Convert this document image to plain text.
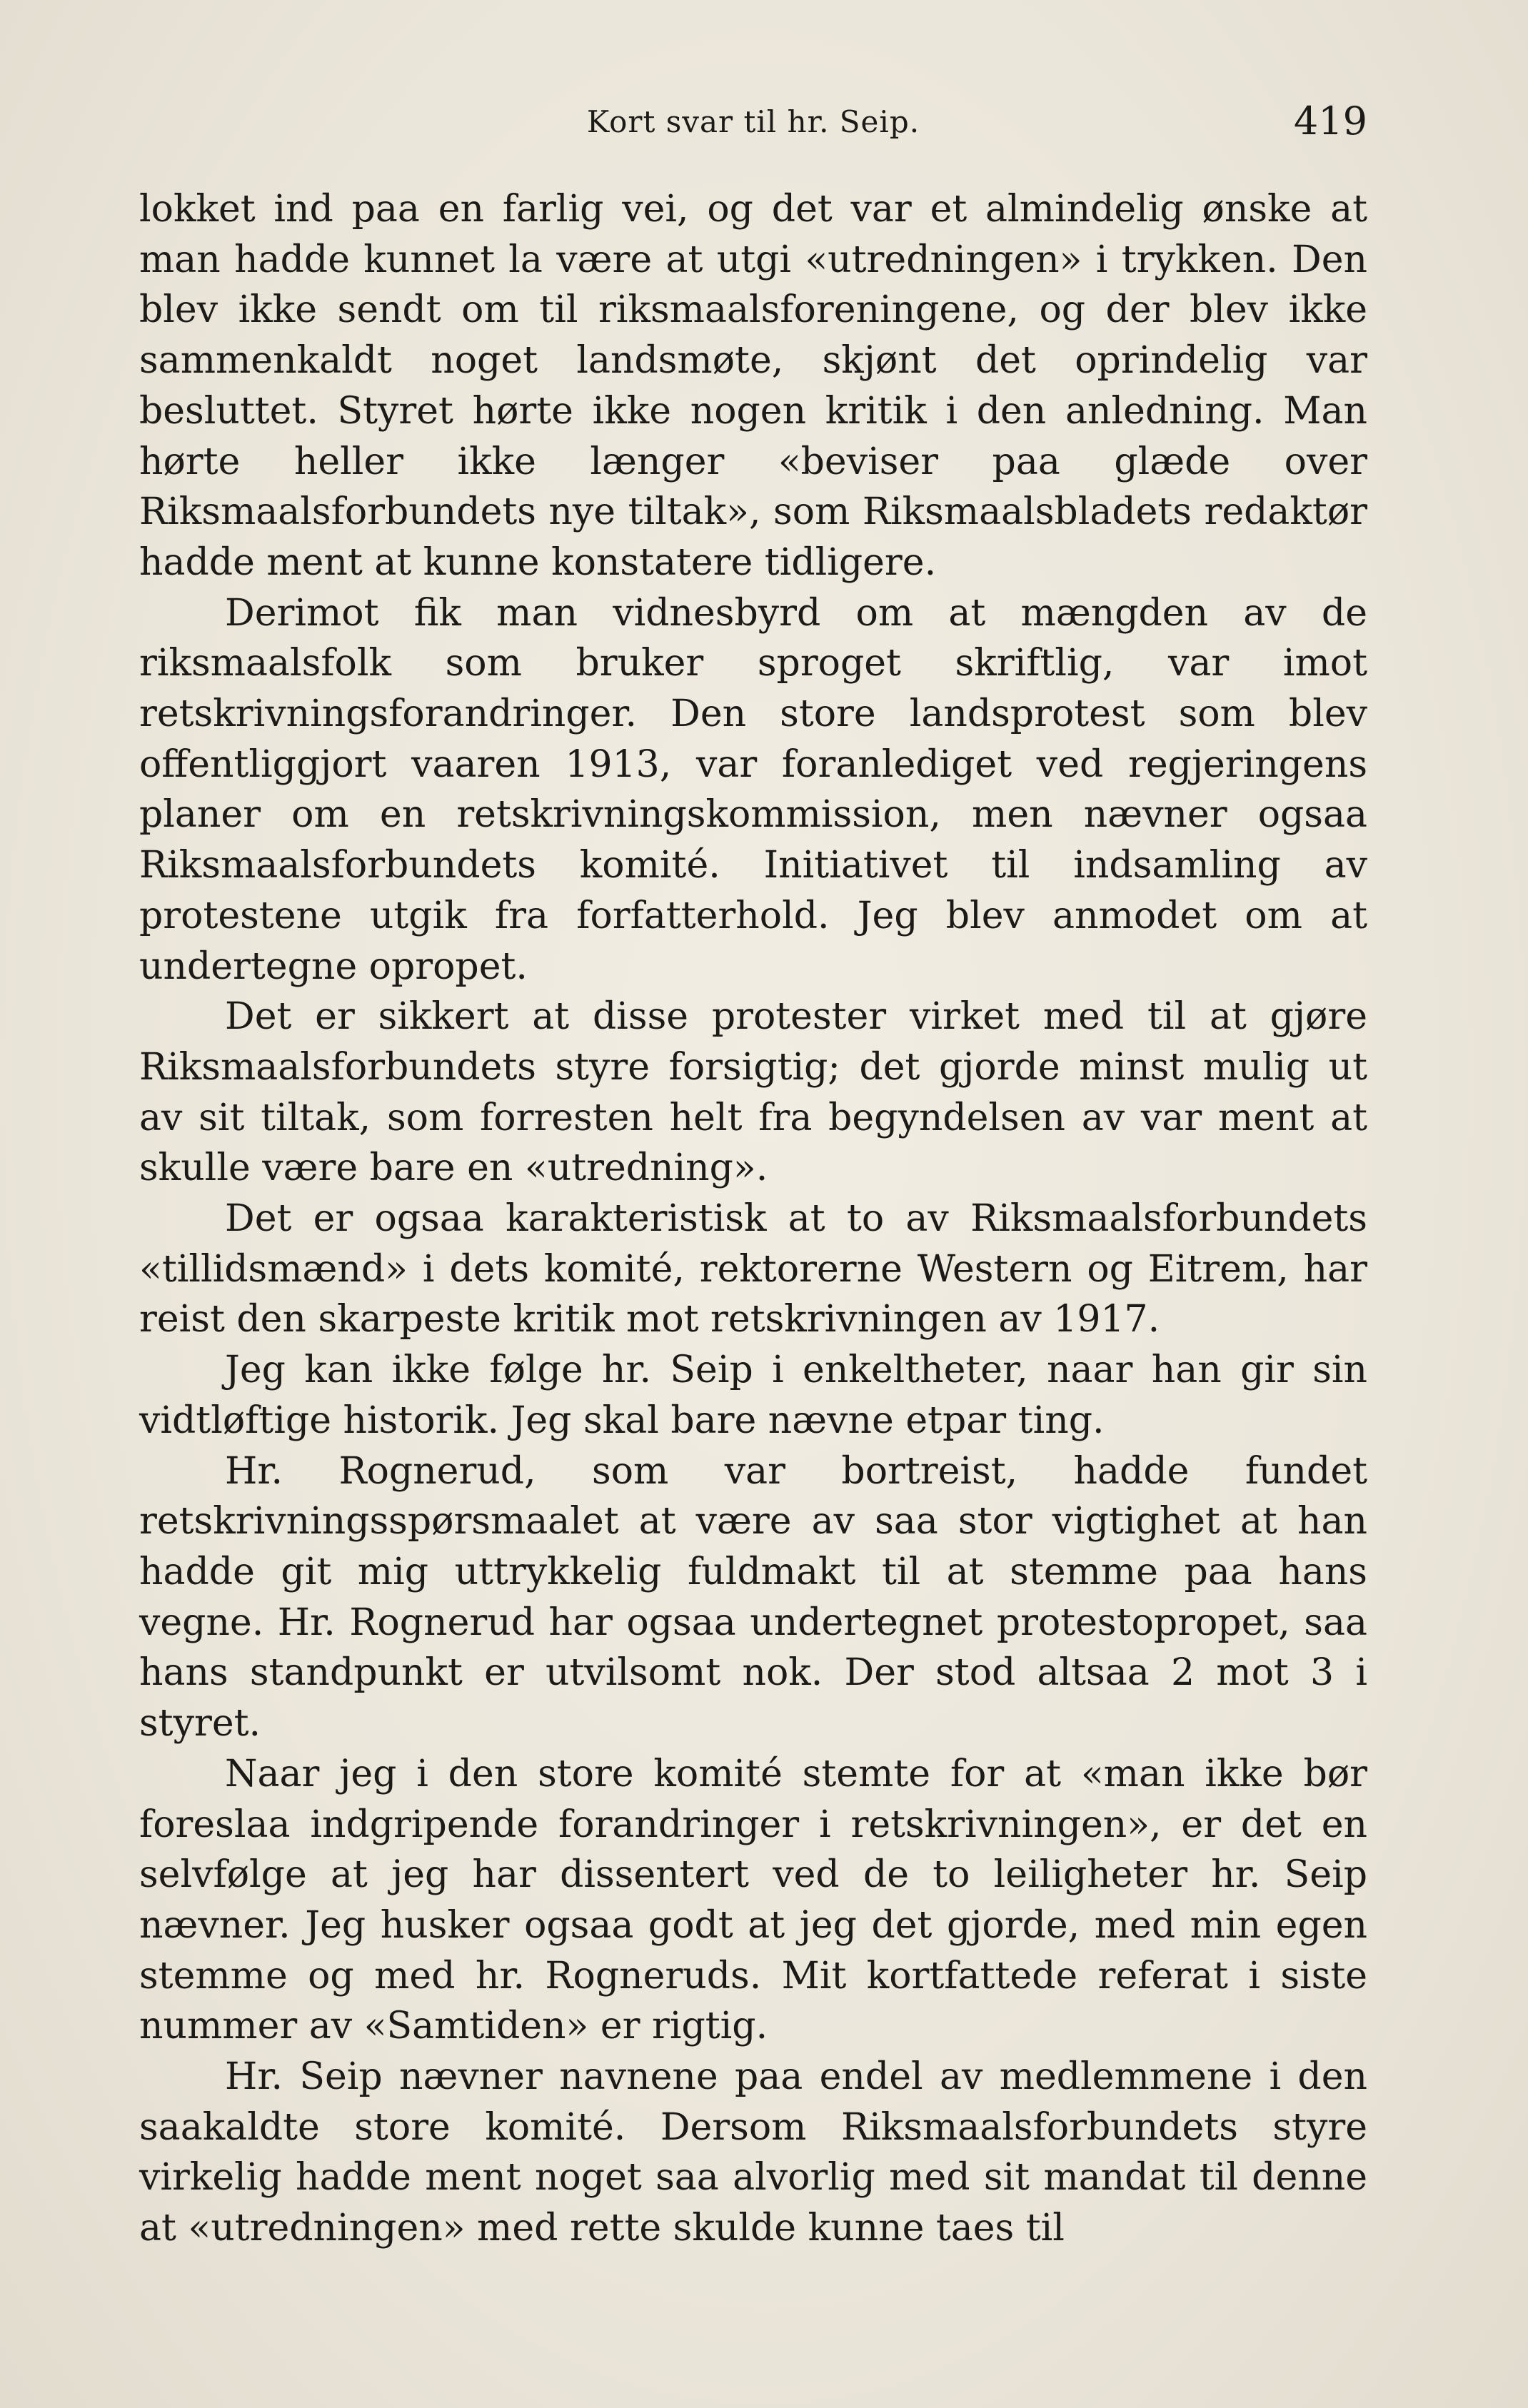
Kort svar til hr. Seip.	419

lokket ind paa en farlig vei, og det var et almindelig ønske at man hadde kunnet la være at utgi «utredningen» i trykken. Den blev ikke sendt om til riksmaalsforeningene, og der blev ikke sammenkaldt noget landsmøte, skjønt det oprindelig var besluttet. Styret hørte ikke nogen kritik i den anledning. Man hørte heller ikke længer «beviser paa glæde over Riksmaalsforbundets nye tiltak», som Riksmaalsbladets redaktør hadde ment at kunne konstatere tidligere.

Derimot fik man vidnesbyrd om at mængden av de riksmaalsfolk som bruker sproget skriftlig, var imot retskrivningsforandringer. Den store landsprotest som blev offentliggjort vaaren 1913, var foranlediget ved regjeringens planer om en retskrivningskommission, men nævner ogsaa Riksmaalsforbundets komité. Initiativet til indsamling av protestene utgik fra forfatterhold. Jeg blev anmodet om at undertegne opropet.

Det er sikkert at disse protester virket med til at gjøre Riksmaalsforbundets styre forsigtig; det gjorde minst mulig ut av sit tiltak, som forresten helt fra begyndelsen av var ment at skulle være bare en «utredning».

Det er ogsaa karakteristisk at to av Riksmaalsforbundets «tillidsmænd» i dets komité, rektorerne Western og Eitrem, har reist den skarpeste kritik mot retskrivningen av 1917.

Jeg kan ikke følge hr. Seip i enkeltheter, naar han gir sin vidtløftige historik. Jeg skal bare nævne etpar ting.

Hr. Rognerud, som var bortreist, hadde fundet retskrivningsspørsmaalet at være av saa stor vigtighet at han hadde git mig uttrykkelig fuldmakt til at stemme paa hans vegne. Hr. Rognerud har ogsaa undertegnet protestopropet, saa hans standpunkt er utvilsomt nok. Der stod altsaa 2 mot 3 i styret.

Naar jeg i den store komité stemte for at «man ikke bør foreslaa indgripende forandringer i retskrivningen», er det en selvfølge at jeg har dissentert ved de to leiligheter hr. Seip nævner. Jeg husker ogsaa godt at jeg det gjorde, med min egen stemme og med hr. Rogneruds. Mit kortfattede referat i siste nummer av «Samtiden» er rigtig.

Hr. Seip nævner navnene paa endel av medlemmene i den saakaldte store komité. Dersom Riksmaalsforbundets styre virkelig hadde ment noget saa alvorlig med sit mandat til denne at «utredningen» med rette skulde kunne taes til
